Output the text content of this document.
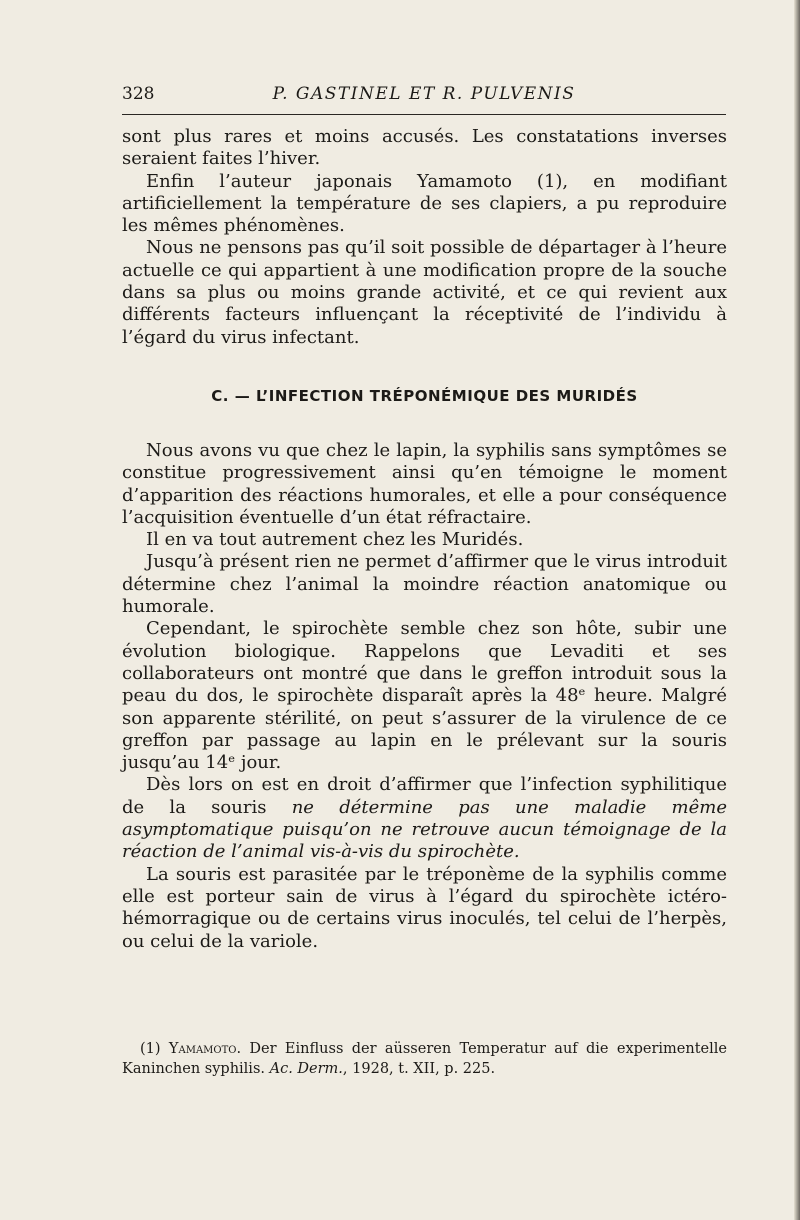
328	P. GASTINEL ET R. PULVENIS

sont plus rares et moins accusés. Les constatations inverses seraient faites l’hiver.

Enfin l’auteur japonais Yamamoto (1), en modifiant artificiellement la température de ses clapiers, a pu reproduire les mêmes phénomènes.

Nous ne pensons pas qu’il soit possible de départager à l’heure actuelle ce qui appartient à une modification propre de la souche dans sa plus ou moins grande activité, et ce qui revient aux différents facteurs influençant la réceptivité de l’individu à l’égard du virus infectant.

C. — L’INFECTION TRÉPONÉMIQUE DES MURIDÉS

Nous avons vu que chez le lapin, la syphilis sans symptômes se constitue progressivement ainsi qu’en témoigne le moment d’apparition des réactions humorales, et elle a pour conséquence l’acquisition éventuelle d’un état réfractaire.

Il en va tout autrement chez les Muridés.

Jusqu’à présent rien ne permet d’affirmer que le virus introduit détermine chez l’animal la moindre réaction anatomique ou humorale.

Cependant, le spirochète semble chez son hôte, subir une évolution biologique. Rappelons que Levaditi et ses collaborateurs ont montré que dans le greffon introduit sous la peau du dos, le spirochète disparaît après la 48ᵉ heure. Malgré son apparente stérilité, on peut s’assurer de la virulence de ce greffon par passage au lapin en le prélevant sur la souris jusqu’au 14ᵉ jour.

Dès lors on est en droit d’affirmer que l’infection syphilitique de la souris ne détermine pas une maladie même asymptomatique puisqu’on ne retrouve aucun témoignage de la réaction de l’animal vis-à-vis du spirochète.

La souris est parasitée par le tréponème de la syphilis comme elle est porteur sain de virus à l’égard du spirochète ictéro-hémorragique ou de certains virus inoculés, tel celui de l’herpès, ou celui de la variole.

(1) Yamamoto. Der Einfluss der aüsseren Temperatur auf die experimentelle Kaninchen syphilis. Ac. Derm., 1928, t. XII, p. 225.
